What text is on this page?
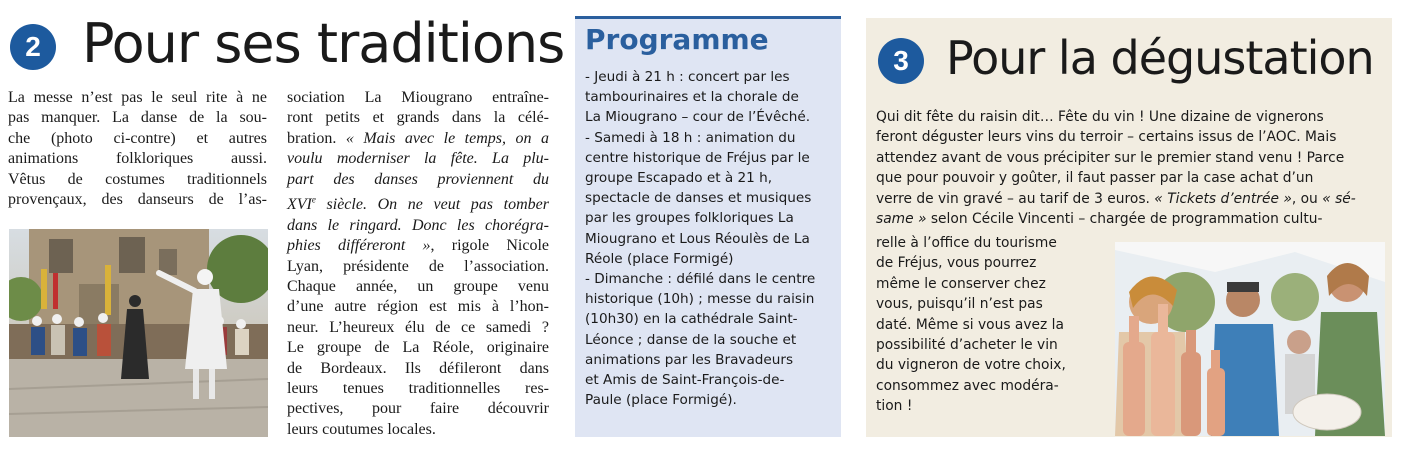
2 Pour ses traditions
La messe n’est pas le seul rite à ne
pas manquer. La danse de la sou-
che (photo ci-contre) et autres
animations folkloriques aussi.
Vêtus de costumes traditionnels
provençaux, des danseurs de l’as-
sociation La Miougrano entraîne-
ront petits et grands dans la célé-
bration. « Mais avec le temps, on a
voulu moderniser la fête. La plu-
part des danses proviennent du
XVIe siècle. On ne veut pas tomber
dans le ringard. Donc les chorégra-
phies différeront », rigole Nicole
Lyan, présidente de l’association.
Chaque année, un groupe venu
d’une autre région est mis à l’hon-
neur. L’heureux élu de ce samedi ?
Le groupe de La Réole, originaire
de Bordeaux. Ils défileront dans
leurs tenues traditionnelles res-
pectives, pour faire découvrir
leurs coutumes locales.
Programme
- Jeudi à 21 h : concert par les
tambourinaires et la chorale de
La Miougrano – cour de l’Évêché.
- Samedi à 18 h : animation du
centre historique de Fréjus par le
groupe Escapado et à 21 h,
spectacle de danses et musiques
par les groupes folkloriques La
Miougrano et Lous Réoulès de La
Réole (place Formigé)
- Dimanche : défilé dans le centre
historique (10h) ; messe du raisin
(10h30) en la cathédrale Saint-
Léonce ; danse de la souche et
animations par les Bravadeurs
et Amis de Saint-François-de-
Paule (place Formigé).
3 Pour la dégustation
Qui dit fête du raisin dit… Fête du vin ! Une dizaine de vignerons
feront déguster leurs vins du terroir – certains issus de l’AOC. Mais
attendez avant de vous précipiter sur le premier stand venu ! Parce
que pour pouvoir y goûter, il faut passer par la case achat d’un
verre de vin gravé – au tarif de 3 euros. « Tickets d’entrée », ou « sé-
same » selon Cécile Vincenti – chargée de programmation cultu-
relle à l’office du tourisme
de Fréjus, vous pourrez
même le conserver chez
vous, puisqu’il n’est pas
daté. Même si vous avez la
possibilité d’acheter le vin
du vigneron de votre choix,
consommez avec modéra-
tion !
